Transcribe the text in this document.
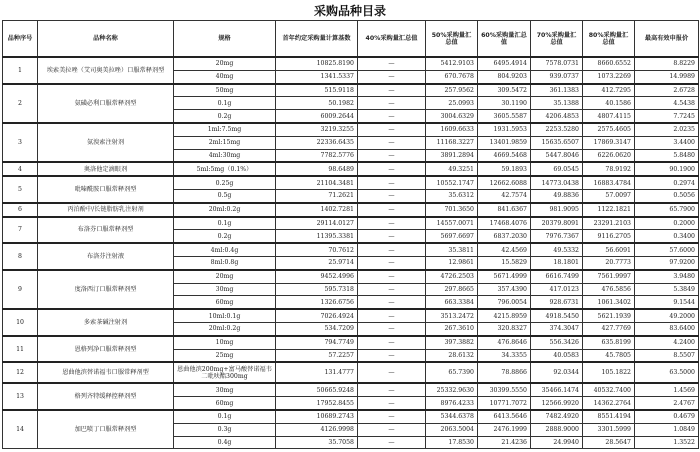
采购品种目录
品种序号	品种名称	规格	首年约定采购量计算基数	40%采购量汇总值	50%采购量汇总值	60%采购量汇总值	70%采购量汇总值	80%采购量汇总值	最高有效申报价
1	埃索美拉唑（艾司奥美拉唑）口服常释剂型	20mg	10825.8190	—	5412.9103	6495.4914	7578.0731	8660.6552	8.8229
		40mg	1341.5337	—	670.7678	804.9203	939.0737	1073.2269	14.9989
2	氨磺必利口服常释剂型	50mg	515.9118	—	257.9562	309.5472	361.1383	412.7295	2.6728
		0.1g	50.1982	—	25.0993	30.1190	35.1388	40.1586	4.5438
		0.2g	6009.2644	—	3004.6329	3605.5587	4206.4853	4807.4115	7.7245
3	氨溴索注射剂	1ml:7.5mg	3219.3255	—	1609.6633	1931.5953	2253.5280	2575.4605	2.0235
		2ml:15mg	22336.6435	—	11168.3227	13401.9859	15635.6507	17869.3147	3.4400
		4ml:30mg	7782.5776	—	3891.2894	4669.5468	5447.8046	6226.0620	5.8480
4	奥洛他定滴眼剂	5ml:5mg（0.1%）	98.6489	—	49.3251	59.1893	69.0545	78.9192	90.1900
5	吡嗪酰胺口服常释剂型	0.25g	21104.3481	—	10552.1747	12662.6088	14773.0438	16883.4784	0.2974
		0.5g	71.2621	—	35.6312	42.7574	49.8836	57.0097	0.5056
6	丙泊酚中/长链脂肪乳注射剂	20ml:0.2g	1402.7281	—	701.3650	841.6367	981.9095	1122.1821	65.7900
7	布洛芬口服常释剂型	0.1g	29114.0127	—	14557.0071	17468.4076	20379.8091	23291.2103	0.2000
		0.2g	11395.3381	—	5697.6697	6837.2030	7976.7367	9116.2705	0.3400
8	布洛芬注射液	4ml:0.4g	70.7612	—	35.3811	42.4569	49.5332	56.6091	57.6000
		8ml:0.8g	25.9714	—	12.9861	15.5829	18.1801	20.7773	97.9200
9	度洛西汀口服常释剂型	20mg	9452.4996	—	4726.2503	5671.4999	6616.7499	7561.9997	3.9480
		30mg	595.7318	—	297.8665	357.4390	417.0123	476.5856	5.3849
		60mg	1326.6756	—	663.3384	796.0054	928.6731	1061.3402	9.1544
10	多索茶碱注射剂	10ml:0.1g	7026.4924	—	3513.2472	4215.8959	4918.5450	5621.1939	49.2000
		20ml:0.2g	534.7209	—	267.3610	320.8327	374.3047	427.7769	83.6400
11	恩格列净口服常释剂型	10mg	794.7749	—	397.3882	476.8646	556.3426	635.8199	4.2400
		25mg	57.2257	—	28.6132	34.3355	40.0583	45.7805	8.5507
12	恩曲他滨替诺福韦口服常释剂型	恩曲他滨200mg+富马酸替诺福韦二吡呋酯300mg	131.4777	—	65.7390	78.8866	92.0344	105.1822	63.5000
13	格列齐特缓释控释剂型	30mg	50665.9248	—	25332.9630	30399.5550	35466.1474	40532.7400	1.4569
		60mg	17952.8455	—	8976.4233	10771.7072	12566.9920	14362.2764	2.4767
14	加巴喷丁口服常释剂型	0.1g	10689.2743	—	5344.6378	6413.5646	7482.4920	8551.4194	0.4679
		0.3g	4126.9998	—	2063.5004	2476.1999	2888.9000	3301.5999	1.0849
		0.4g	35.7058	—	17.8530	21.4236	24.9940	28.5647	1.3522
